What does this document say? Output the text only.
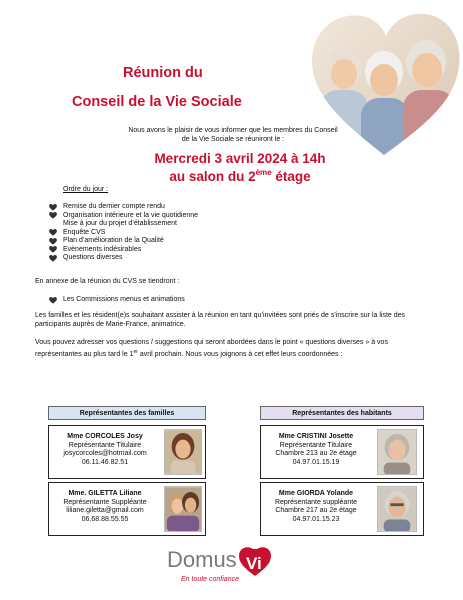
Réunion du
Conseil de la Vie Sociale
Nous avons le plaisir de vous informer que les membres du Conseil de la Vie Sociale se réuniront le :
Mercredi 3 avril 2024 à 14h
au salon du 2ème étage
Ordre du jour :
Remise du dernier compte rendu
Organisation intérieure et la vie quotidienne
Mise à jour du projet d’établissement
Enquête CVS
Plan d’amélioration de la Qualité
Evènements indésirables
Questions diverses
En annexe de la réunion du CVS se tiendront :
Les Commissions menus et animations
Les familles et les résident(e)s souhaitant assister à la réunion en tant qu’invitées sont priés de s’inscrire sur la liste des participants auprès de Marie-France, animatrice.
Vous pouvez adresser vos questions / suggestions qui seront abordées dans le point « questions diverses » à vos représentantes au plus tard le 1er avril prochain. Nous vous joignons à cet effet leurs coordonnées :
Représentantes des familles	Représentantes des habitants
Mme CORCOLES Josy
Représentante Titulaire
josycorcoles@hotmail.com
06.11.46.82.51
Mme. GILETTA Liliane
Représentante Suppléante
liliane.giletta@gmail.com
06.68.88.55.55
Mme CRISTINI Josette
Représentante Titulaire
Chambre 213 au 2e étage
04.97.01.15.19
Mme GIORDA Yolande
Représentante suppléante
Chambre 217 au 2e étage
04.97.01.15.23
Domus Vi
En toute confiance
